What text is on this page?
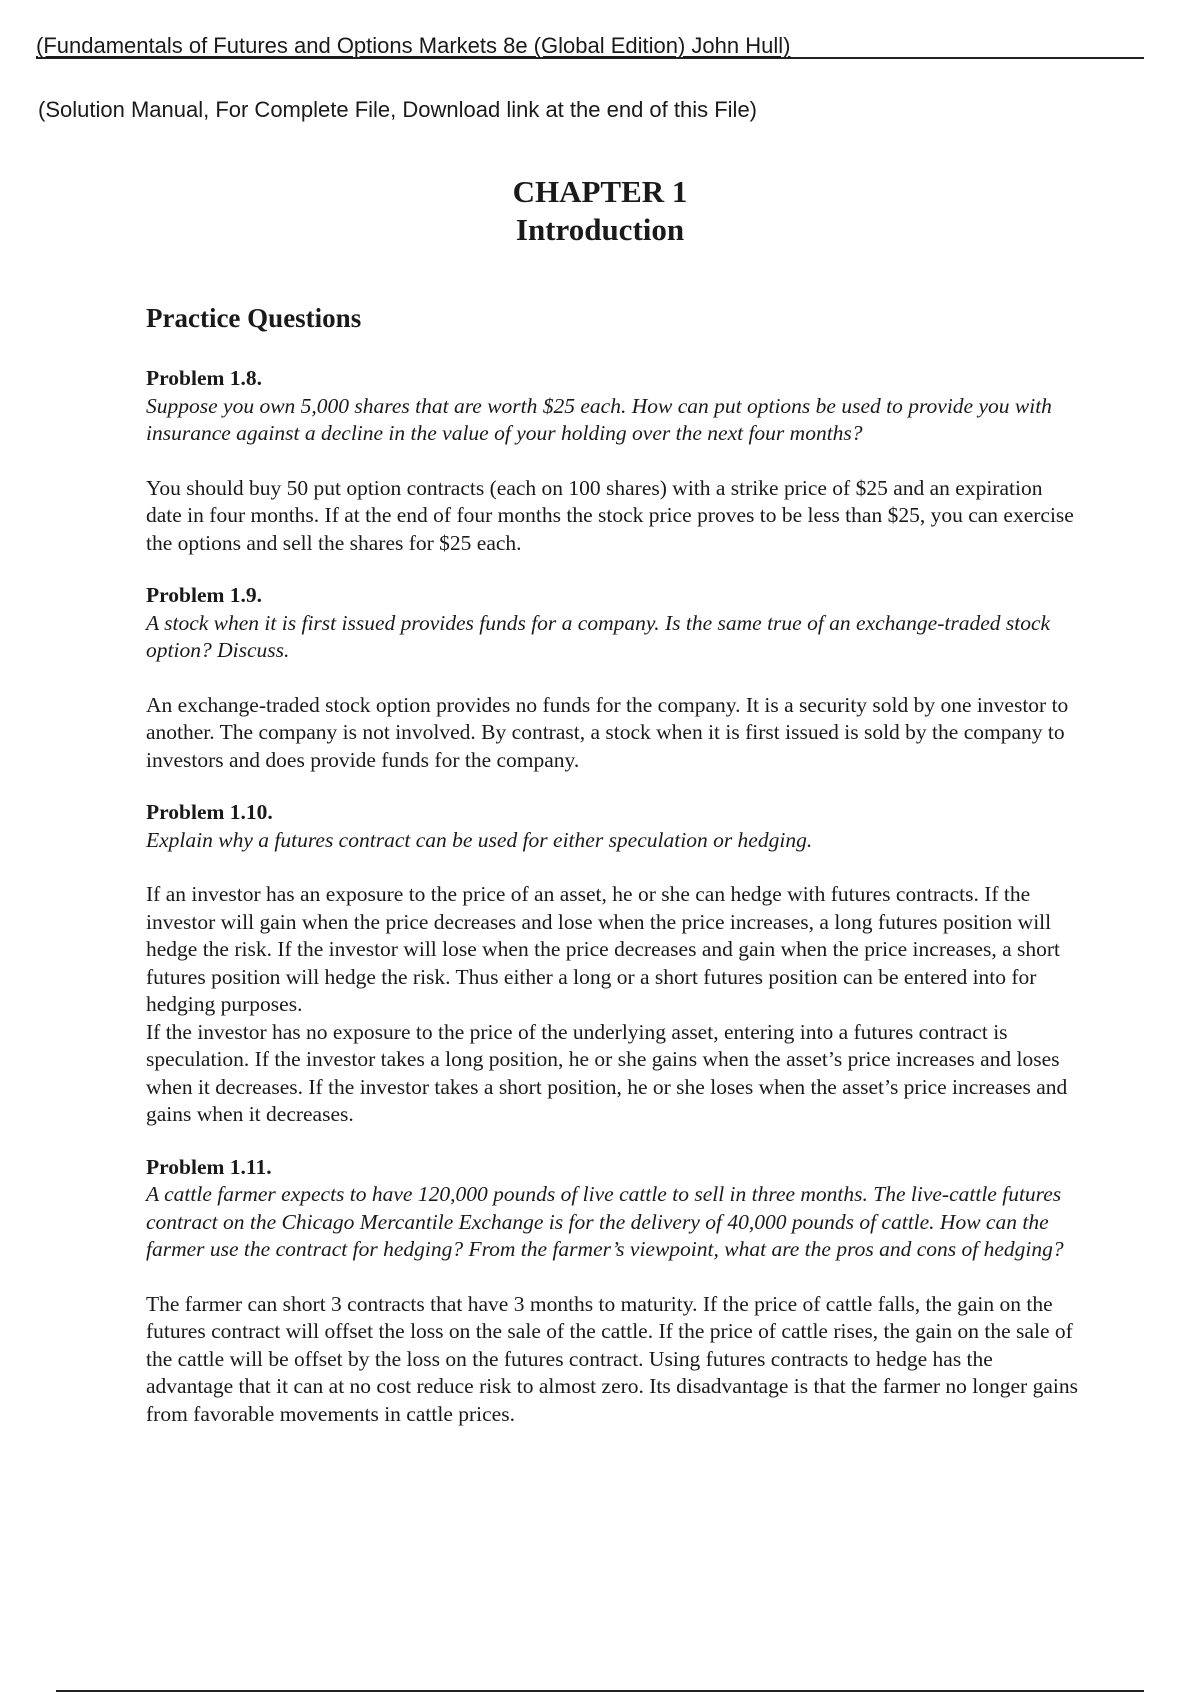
(Fundamentals of Futures and Options Markets 8e (Global Edition) John Hull)
(Solution Manual, For Complete File, Download link at the end of this File)
CHAPTER 1
Introduction
Practice Questions
Problem 1.8.
Suppose you own 5,000 shares that are worth $25 each. How can put options be used to provide you with insurance against a decline in the value of your holding over the next four months?

You should buy 50 put option contracts (each on 100 shares) with a strike price of $25 and an expiration date in four months. If at the end of four months the stock price proves to be less than $25, you can exercise the options and sell the shares for $25 each.

Problem 1.9.
A stock when it is first issued provides funds for a company. Is the same true of an exchange-traded stock option? Discuss.

An exchange-traded stock option provides no funds for the company. It is a security sold by one investor to another. The company is not involved. By contrast, a stock when it is first issued is sold by the company to investors and does provide funds for the company.

Problem 1.10.
Explain why a futures contract can be used for either speculation or hedging.

If an investor has an exposure to the price of an asset, he or she can hedge with futures contracts. If the investor will gain when the price decreases and lose when the price increases, a long futures position will hedge the risk. If the investor will lose when the price decreases and gain when the price increases, a short futures position will hedge the risk. Thus either a long or a short futures position can be entered into for hedging purposes.

If the investor has no exposure to the price of the underlying asset, entering into a futures contract is speculation. If the investor takes a long position, he or she gains when the asset’s price increases and loses when it decreases. If the investor takes a short position, he or she loses when the asset’s price increases and gains when it decreases.

Problem 1.11.
A cattle farmer expects to have 120,000 pounds of live cattle to sell in three months. The live-cattle futures contract on the Chicago Mercantile Exchange is for the delivery of 40,000 pounds of cattle. How can the farmer use the contract for hedging? From the farmer’s viewpoint, what are the pros and cons of hedging?

The farmer can short 3 contracts that have 3 months to maturity. If the price of cattle falls, the gain on the futures contract will offset the loss on the sale of the cattle. If the price of cattle rises, the gain on the sale of the cattle will be offset by the loss on the futures contract. Using futures contracts to hedge has the advantage that it can at no cost reduce risk to almost zero. Its disadvantage is that the farmer no longer gains from favorable movements in cattle prices.
